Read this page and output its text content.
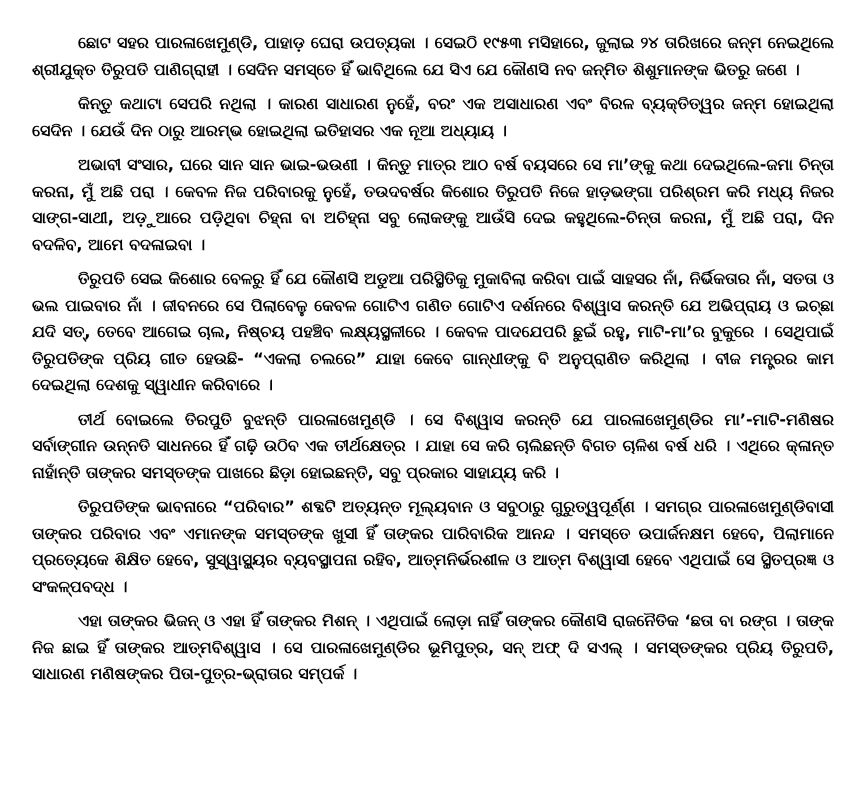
ଛୋଟ ସହର ପାରଳାଖେମୁଣ୍ଡି, ପାହାଡ଼ ଘେରା ଉପତ୍ୟକା । ସେଇଠି ୧୯୫୩ ମସିହାରେ, ଜୁଲାଇ ୨୪ ତାରିଖରେ ଜନ୍ମ ନେଇଥିଲେ ଶ୍ରୀଯୁକ୍ତ ତିରୁପତି ପାଣିଗ୍ରାହୀ । ସେଦିନ ସମସ୍ତେ ହିଁ ଭାବିଥିଲେ ଯେ ସିଏ ଯେ କୌଣସି ନବ ଜନ୍ମିତ ଶିଶୁମାନଙ୍କ ଭିତରୁ ଜଣେ ।

କିନ୍ତୁ କଥାଟା ସେପରି ନଥିଲା । କାରଣ ସାଧାରଣ ନୁହେଁ, ବରଂ ଏକ ଅସାଧାରଣ ଏବଂ ବିରଳ ବ୍ୟକ୍ତିତ୍ୱର ଜନ୍ମ ହୋଇଥିଲା ସେଦିନ । ଯେଉଁ ଦିନ ଠାରୁ ଆରମ୍ଭ ହୋଇଥିଲା ଇତିହାସର ଏକ ନୂଆ ଅଧ୍ୟାୟ ।

ଅଭାବୀ ସଂସାର, ଘରେ ସାନ ସାନ ଭାଇ-ଭଉଣୀ । କିନ୍ତୁ ମାତ୍ର ଆଠ ବର୍ଷ ବୟସରେ ସେ ମା’ଙ୍କୁ କଥା ଦେଇଥିଲେ-ଜମା ଚିନ୍ତା କରନା, ମୁଁ ଅଛି ପରା । କେବଳ ନିଜ ପରିବାରକୁ ନୁହେଁ, ତଉଦବର୍ଷର କିଶୋର ତିରୁପତି ନିଜେ ହାଡ଼ଭଙ୍ଗା ପରିଶ୍ରମ କରି ମଧ୍ୟ ନିଜର ସାଙ୍ଗ-ସାଥୀ, ଅଡ଼ୁଆରେ ପଡ଼ିଥିବା ଚିହ୍ନା ବା ଅଚିହ୍ନା ସବୁ ଲୋକଙ୍କୁ ଆଉଁସି ଦେଇ କହୁଥିଲେ-ଚିନ୍ତା କରନା, ମୁଁ ଅଛି ପରା, ଦିନ ବଦଳିବ, ଆମେ ବଦଳାଇବା ।

ତିରୁପତି ସେଇ କିଶୋର ବେଳରୁ ହିଁ ଯେ କୌଣସି ଅଡୁଆ ପରିସ୍ଥିତିକୁ ମୁକାବିଲା କରିବା ପାଇଁ ସାହସର ନାଁ, ନିର୍ଭିକତାର ନାଁ, ସତତା ଓ ଭଲ ପାଇବାର ନାଁ । ଜୀବନରେ ସେ ପିଲାବେଳୁ କେବଳ ଗୋଟିଏ ଗଣିତ ଗୋଟିଏ ଦର୍ଶନରେ ବିଶ୍ୱାସ କରନ୍ତି ଯେ ଅଭିପ୍ରାୟ ଓ ଇଚ୍ଛା ଯଦି ସତ୍, ତେବେ ଆଗେଇ ଚାଲ, ନିଷ୍ଚୟ ପହଞ୍ଚିବ ଲକ୍ଷ୍ୟସ୍ଥଳୀରେ । କେବଳ ପାଦଯେପରି ଛୁଇଁ ରହୁ, ମାଟି-ମା’ର ବୁକୁରେ । ସେଥିପାଇଁ ତିରୁପତିଙ୍କ ପ୍ରିୟ ଗୀତ ହେଉଛି- “ଏକଲା ଚଲରେ” ଯାହା କେବେ ଗାନ୍ଧୀଙ୍କୁ ବି ଅନୁପ୍ରାଣିତ କରିଥିଲା । ବୀଜ ମନ୍ତ୍ରର କାମ ଦେଇଥିଲା ଦେଶକୁ ସ୍ୱାଧୀନ କରିବାରେ ।

ତୀର୍ଥ ବୋଇଲେ ତିରପୁତି ବୁଝନ୍ତି ପାରଳାଖେମୁଣ୍ଡି । ସେ ବିଶ୍ୱାସ କରନ୍ତି ଯେ ପାରଳାଖେମୁଣ୍ଡିର ମା’-ମାଟି-ମଣିଷର ସର୍ବାଙ୍ଗୀନ ଉନ୍ନତି ସାଧନରେ ହିଁ ଗଢ଼ି ଉଠିବ ଏକ ତୀର୍ଥକ୍ଷେତ୍ର । ଯାହା ସେ କରି ଚାଲିଛନ୍ତି ବିଗତ ଚାଳିଶ ବର୍ଷ ଧରି । ଏଥିରେ କ୍ଳାନ୍ତ ନାହାଁନ୍ତି ତାଙ୍କର ସମସ୍ତଙ୍କ ପାଖରେ ଛିଡ଼ା ହୋଇଛନ୍ତି, ସବୁ ପ୍ରକାର ସାହାଯ୍ୟ କରି ।

ତିରୁପତିଙ୍କ ଭାବନାରେ “ପରିବାର” ଶବ୍ଦଟି ଅତ୍ୟନ୍ତ ମୂଲ୍ୟବାନ ଓ ସବୁଠାରୁ ଗୁରୁତ୍ୱପୂର୍ଣ୍ଣ । ସମଗ୍ର ପାରଳାଖେମୁଣ୍ଡିବାସୀ ତାଙ୍କର ପରିବାର ଏବଂ ଏମାନଙ୍କ ସମସ୍ତଙ୍କ ଖୁସୀ ହିଁ ତାଙ୍କର ପାରିବାରିକ ଆନନ୍ଦ । ସମସ୍ତେ ଉପାର୍ଜନକ୍ଷମ ହେବେ, ପିଲାମାନେ ପ୍ରତ୍ୟେକେ ଶିକ୍ଷିତ ହେବେ, ସୁସ୍ୱାସ୍ଥ୍ୟର ବ୍ୟବସ୍ଥାପନା ରହିବ, ଆତ୍ମନିର୍ଭରଶୀଳ ଓ ଆତ୍ମ ବିଶ୍ୱାସୀ ହେବେ ଏଥିପାଇଁ ସେ ସ୍ଥିତପ୍ରଜ୍ଞ ଓ ସଂକଳ୍ପବଦ୍ଧ ।

ଏହା ତାଙ୍କର ଭିଜନ୍ ଓ ଏହା ହିଁ ତାଙ୍କର ମିଶନ୍ । ଏଥିପାଇଁ ଲୋଡ଼ା ନାହିଁ ତାଙ୍କର କୌଣସି ରାଜନୈତିକ ‘ଛତା ବା ରଙ୍ଗ । ତାଙ୍କ ନିଜ ଛାଇ ହିଁ ତାଙ୍କର ଆତ୍ମବିଶ୍ୱାସ । ସେ ପାରଳାଖେମୁଣ୍ଡିର ଭୂମିପୁତ୍ର, ସନ୍ ଅଫ୍ ଦି ସଏଲ୍ । ସମସ୍ତଙ୍କର ପ୍ରିୟ ତିରୁପତି, ସାଧାରଣ ମଣିଷଙ୍କର ପିତା-ପୁତ୍ର-ଭ୍ରାତାର ସମ୍ପର୍କ ।
